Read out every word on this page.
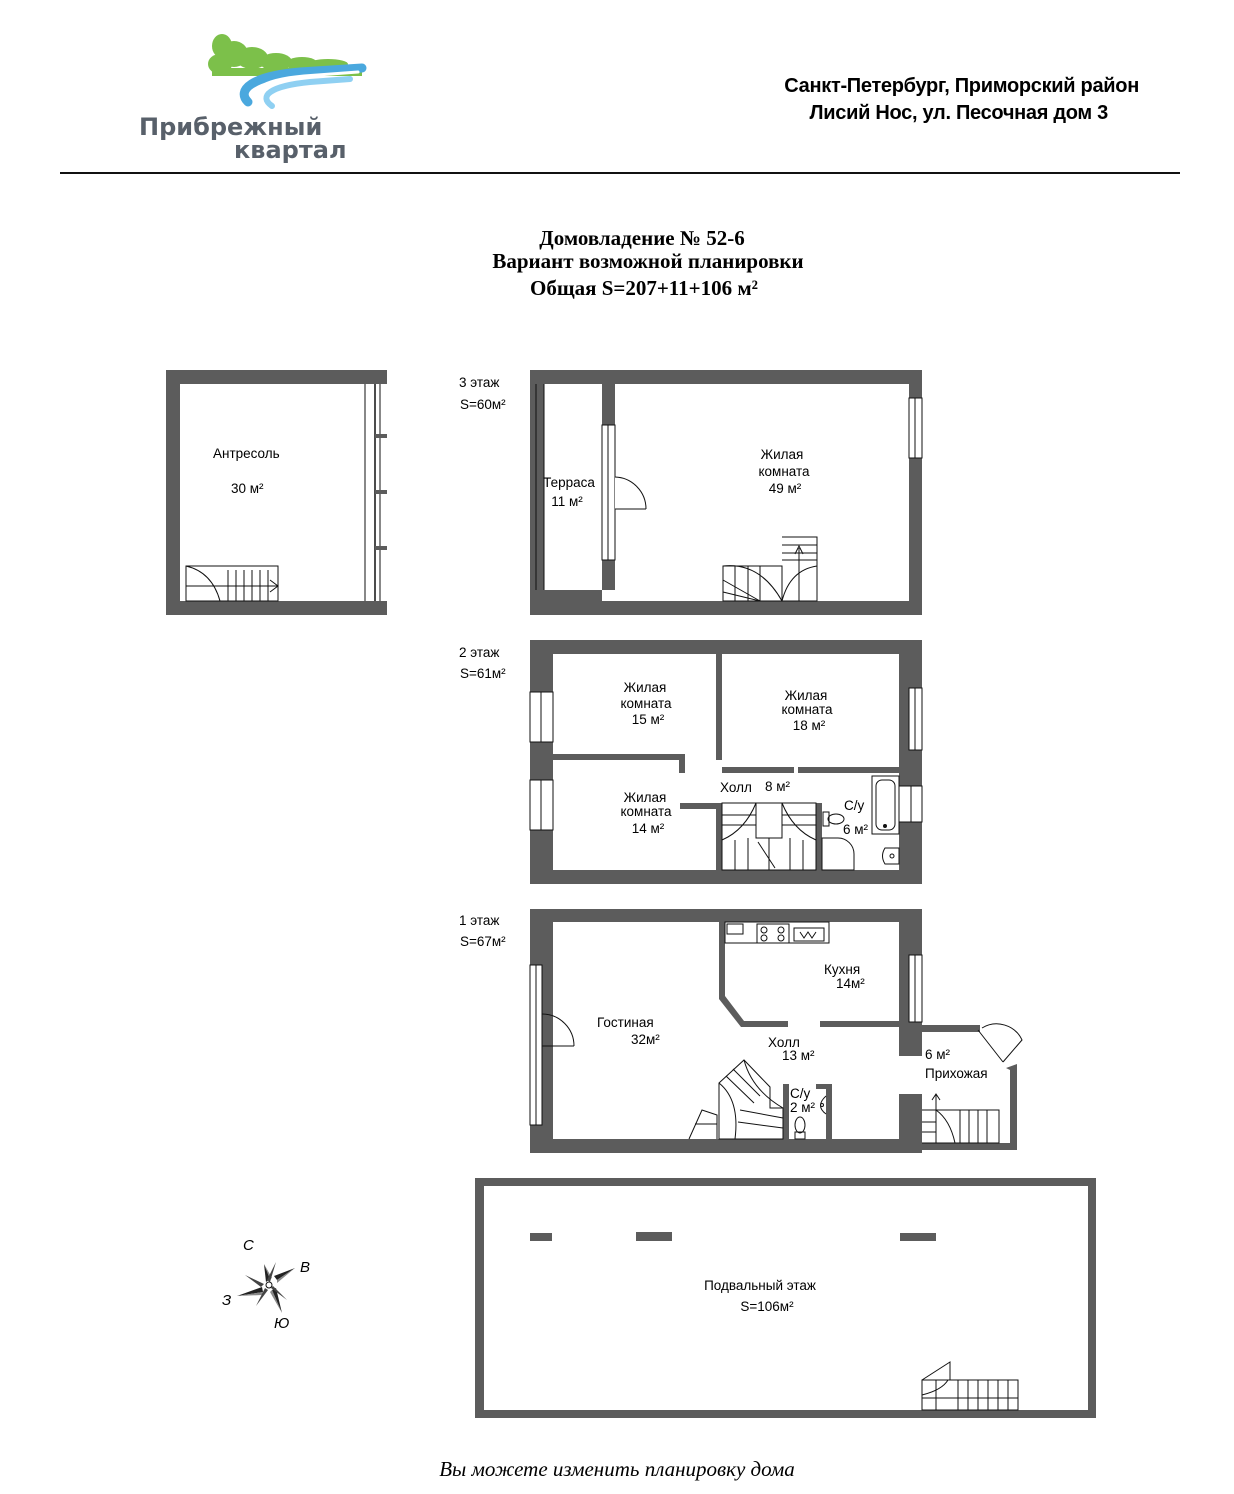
Прибрежный
квартал
Санкт-Петербург, Приморский район
Лисий Нос, ул. Песочная дом 3
Домовладение № 52-6
Вариант возможной планировки
Общая S=207+11+106 м²
Антресоль
30 м²
3 этаж
S=60м²
Терраса
11 м²
Жилая
комната
49 м²
2 этаж
S=61м²
Жилая
комната
15 м²
Жилая
комната
18 м²
Жилая
комната
14 м²
Холл 8 м²
С/у
6 м²
1 этаж
S=67м²
Кухня
14м²
Гостиная
32м²	Холл
13 м²
С/у
2 м²
6 м²
Прихожая
Подвальный этаж
S=106м²
С
В
Ю
З
Вы можете изменить планировку дома
